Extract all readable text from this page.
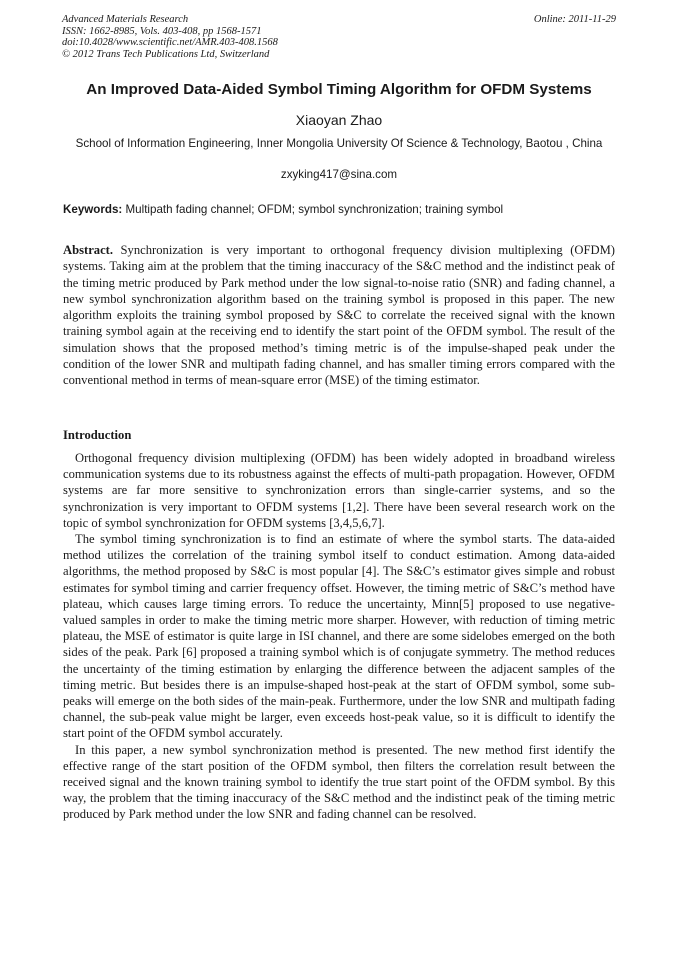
Advanced Materials Research
ISSN: 1662-8985, Vols. 403-408, pp 1568-1571
doi:10.4028/www.scientific.net/AMR.403-408.1568
© 2012 Trans Tech Publications Ltd, Switzerland
Online: 2011-11-29
An Improved Data-Aided Symbol Timing Algorithm for OFDM Systems
Xiaoyan Zhao
School of Information Engineering, Inner Mongolia University Of Science & Technology, Baotou , China
zxyking417@sina.com
Keywords: Multipath fading channel; OFDM; symbol synchronization; training symbol

Abstract. Synchronization is very important to orthogonal frequency division multiplexing (OFDM) systems. Taking aim at the problem that the timing inaccuracy of the S&C method and the indistinct peak of the timing metric produced by Park method under the low signal-to-noise ratio (SNR) and fading channel, a new symbol synchronization algorithm based on the training symbol is proposed in this paper. The new algorithm exploits the training symbol proposed by S&C to correlate the received signal with the known training symbol again at the receiving end to identify the start point of the OFDM symbol. The result of the simulation shows that the proposed method’s timing metric is of the impulse-shaped peak under the condition of the lower SNR and multipath fading channel, and has smaller timing errors compared with the conventional method in terms of mean-square error (MSE) of the timing estimator.

Introduction

Orthogonal frequency division multiplexing (OFDM) has been widely adopted in broadband wireless communication systems due to its robustness against the effects of multi-path propagation. However, OFDM systems are far more sensitive to synchronization errors than single-carrier systems, and so the synchronization is very important to OFDM systems [1,2]. There have been several research work on the topic of symbol synchronization for OFDM systems [3,4,5,6,7].

The symbol timing synchronization is to find an estimate of where the symbol starts. The data-aided method utilizes the correlation of the training symbol itself to conduct estimation. Among data-aided algorithms, the method proposed by S&C is most popular [4]. The S&C’s estimator gives simple and robust estimates for symbol timing and carrier frequency offset. However, the timing metric of S&C’s method have plateau, which causes large timing errors. To reduce the uncertainty, Minn[5] proposed to use negative-valued samples in order to make the timing metric more sharper. However, with reduction of timing metric plateau, the MSE of estimator is quite large in ISI channel, and there are some sidelobes emerged on the both sides of the peak. Park [6] proposed a training symbol which is of conjugate symmetry. The method reduces the uncertainty of the timing estimation by enlarging the difference between the adjacent samples of the timing metric. But besides there is an impulse-shaped host-peak at the start of OFDM symbol, some sub-peaks will emerge on the both sides of the main-peak. Furthermore, under the low SNR and multipath fading channel, the sub-peak value might be larger, even exceeds host-peak value, so it is difficult to identify the start point of the OFDM symbol accurately.

In this paper, a new symbol synchronization method is presented. The new method first identify the effective range of the start position of the OFDM symbol, then filters the correlation result between the received signal and the known training symbol to identify the true start point of the OFDM symbol. By this way, the problem that the timing inaccuracy of the S&C method and the indistinct peak of the timing metric produced by Park method under the low SNR and fading channel can be resolved.
